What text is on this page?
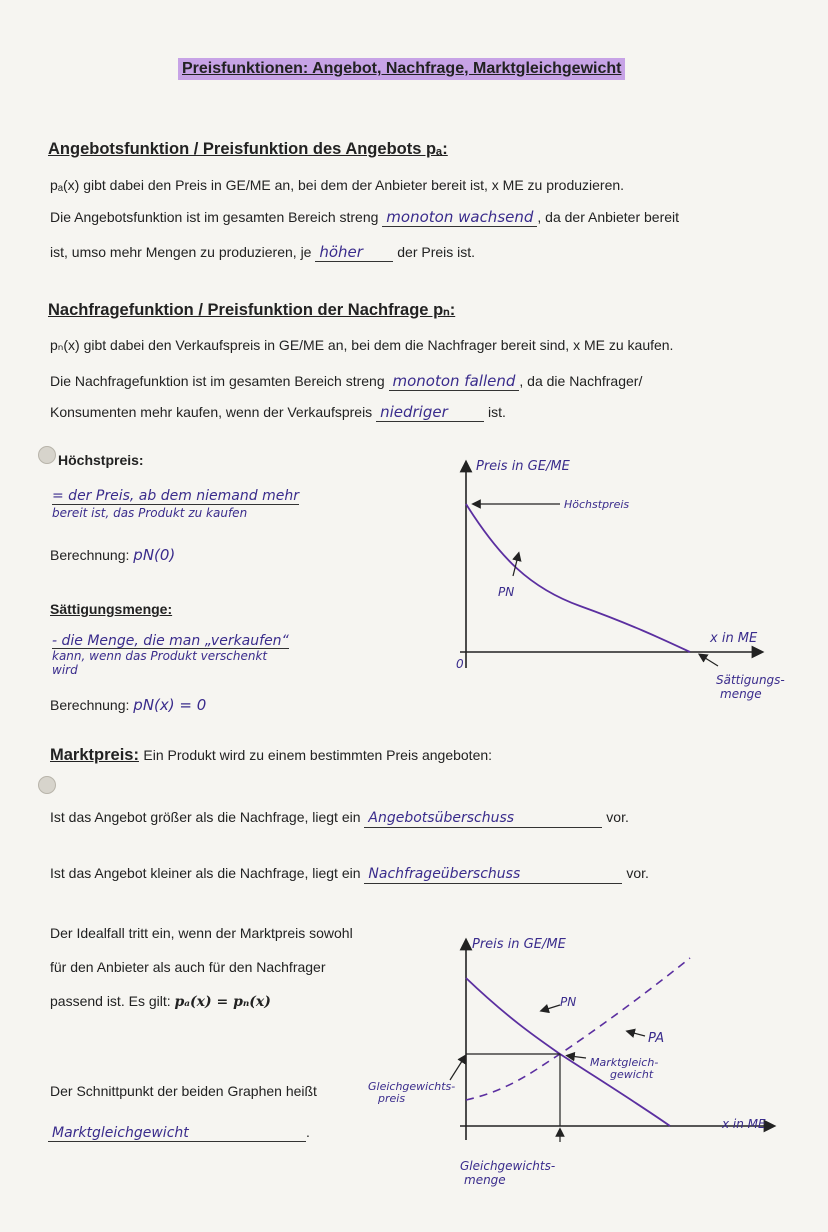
Preisfunktionen: Angebot, Nachfrage, Marktgleichgewicht
Angebotsfunktion / Preisfunktion des Angebots pₐ:
pₐ(x) gibt dabei den Preis in GE/ME an, bei dem der Anbieter bereit ist, x ME zu produzieren.
Die Angebotsfunktion ist im gesamten Bereich streng monoton wachsend , da der Anbieter bereit
ist, umso mehr Mengen zu produzieren, je höher der Preis ist.
Nachfragefunktion / Preisfunktion der Nachfrage pₙ:
pₙ(x) gibt dabei den Verkaufspreis in GE/ME an, bei dem die Nachfrager bereit sind, x ME zu kaufen.
Die Nachfragefunktion ist im gesamten Bereich streng monoton fallend , da die Nachfrager/
Konsumenten mehr kaufen, wenn der Verkaufspreis niedriger	ist.
Höchstpreis:
= der Preis, ab dem niemand mehr
bereit ist, das Produkt zu kaufen
Berechnung: pN(0)
Sättigungsmenge:
- die Menge, die man „verkaufen“
kann, wenn das Produkt verschenkt
wird
Berechnung: pN(x) = 0
Preis in GE/ME
Höchstpreis
PN
x in ME
0
Sättigungs-
menge
Marktpreis: Ein Produkt wird zu einem bestimmten Preis angeboten:
Ist das Angebot größer als die Nachfrage, liegt ein Angebotsüberschuss	vor.
Ist das Angebot kleiner als die Nachfrage, liegt ein Nachfrageüberschuss	vor.
Der Idealfall tritt ein, wenn der Marktpreis sowohl
für den Anbieter als auch für den Nachfrager
passend ist. Es gilt: pₐ(x) = pₙ(x)
Der Schnittpunkt der beiden Graphen heißt
Marktgleichgewicht	.
Preis in GE/ME
PN
PA
Marktgleich-
gewicht
Gleichgewichts-
preis
x in ME
Gleichgewichts-
menge
